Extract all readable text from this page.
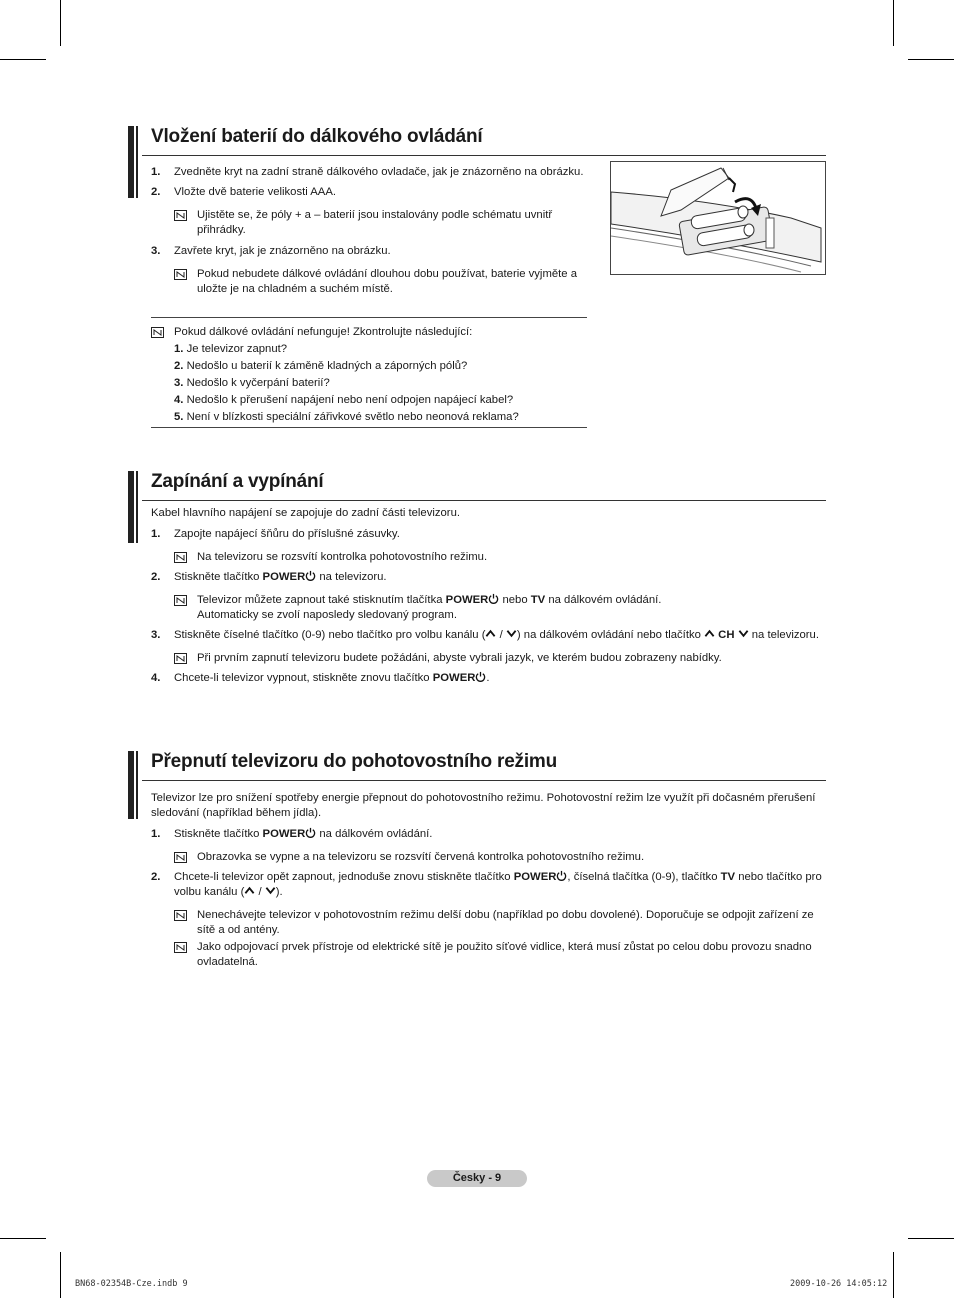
Vložení baterií do dálkového ovládání

1. Zvedněte kryt na zadní straně dálkového ovladače, jak je znázorněno na obrázku.

2. Vložte dvě baterie velikosti AAA.

Ujistěte se, že póly + a – baterií jsou instalovány podle schématu uvnitř přihrádky.

3. Zavřete kryt, jak je znázorněno na obrázku.

Pokud nebudete dálkové ovládání dlouhou dobu používat, baterie vyjměte a uložte je na chladném a suchém místě.

Pokud dálkové ovládání nefunguje! Zkontrolujte následující:

1. Je televizor zapnut?

2. Nedošlo u baterií k záměně kladných a záporných pólů?

3. Nedošlo k vyčerpání baterií?

4. Nedošlo k přerušení napájení nebo není odpojen napájecí kabel?

5. Není v blízkosti speciální zářivkové světlo nebo neonová reklama?

Zapínání a vypínání

Kabel hlavního napájení se zapojuje do zadní části televizoru.

1. Zapojte napájecí šňůru do příslušné zásuvky.

Na televizoru se rozsvítí kontrolka pohotovostního režimu.

2. Stiskněte tlačítko POWER na televizoru.

Televizor můžete zapnout také stisknutím tlačítka POWER nebo TV na dálkovém ovládání.
Automaticky se zvolí naposledy sledovaný program.

3. Stiskněte číselné tlačítko (0-9) nebo tlačítko pro volbu kanálu ( / ) na dálkovém ovládání nebo tlačítko  CH  na televizoru.

Při prvním zapnutí televizoru budete požádáni, abyste vybrali jazyk, ve kterém budou zobrazeny nabídky.

4. Chcete-li televizor vypnout, stiskněte znovu tlačítko POWER .

Přepnutí televizoru do pohotovostního režimu

Televizor lze pro snížení spotřeby energie přepnout do pohotovostního režimu. Pohotovostní režim lze využít při dočasném přerušení sledování (například během jídla).

1. Stiskněte tlačítko POWER na dálkovém ovládání.

Obrazovka se vypne a na televizoru se rozsvítí červená kontrolka pohotovostního režimu.

2. Chcete-li televizor opět zapnout, jednoduše znovu stiskněte tlačítko POWER , číselná tlačítka (0-9), tlačítko TV nebo tlačítko pro volbu kanálu ( / ).

Nenechávejte televizor v pohotovostním režimu delší dobu (například po dobu dovolené). Doporučuje se odpojit zařízení ze sítě a od antény.

Jako odpojovací prvek přístroje od elektrické sítě je použito síťové vidlice, která musí zůstat po celou dobu provozu snadno ovladatelná.

Česky - 9
BN68-02354B-Cze.indb 9	2009-10-26 14:05:12
